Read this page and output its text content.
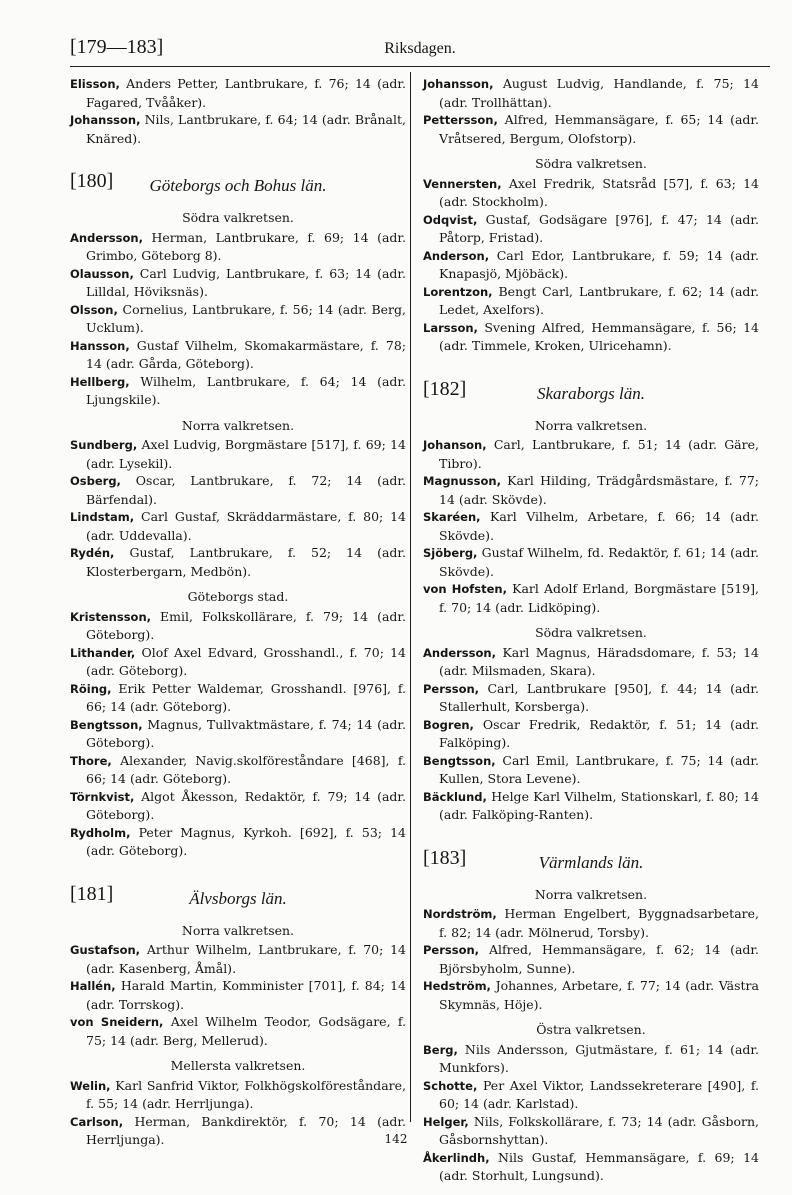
[179—183]	Riksdagen.
Elisson, Anders Petter, Lantbrukare, f. 76; 14 (adr. Fagared, Tvååker).
Johansson, Nils, Lantbrukare, f. 64; 14 (adr. Brånalt, Knäred).
[180]	Göteborgs och Bohus län.
Södra valkretsen.
Andersson, Herman, Lantbrukare, f. 69; 14 (adr. Grimbo, Göteborg 8).
Olausson, Carl Ludvig, Lantbrukare, f. 63; 14 (adr. Lilldal, Höviksnäs).
Olsson, Cornelius, Lantbrukare, f. 56; 14 (adr. Berg, Ucklum).
Hansson, Gustaf Vilhelm, Skomakarmästare, f. 78; 14 (adr. Gårda, Göteborg).
Hellberg, Wilhelm, Lantbrukare, f. 64; 14 (adr. Ljungskile).
Norra valkretsen.
Sundberg, Axel Ludvig, Borgmästare [517], f. 69; 14 (adr. Lysekil).
Osberg, Oscar, Lantbrukare, f. 72; 14 (adr. Bärfendal).
Lindstam, Carl Gustaf, Skräddarmästare, f. 80; 14 (adr. Uddevalla).
Rydén, Gustaf, Lantbrukare, f. 52; 14 (adr. Klosterbergarn, Medbön).
Göteborgs stad.
Kristensson, Emil, Folkskollärare, f. 79; 14 (adr. Göteborg).
Lithander, Olof Axel Edvard, Grosshandl., f. 70; 14 (adr. Göteborg).
Röing, Erik Petter Waldemar, Grosshandl. [976], f. 66; 14 (adr. Göteborg).
Bengtsson, Magnus, Tullvaktmästare, f. 74; 14 (adr. Göteborg).
Thore, Alexander, Navig.skolföreståndare [468], f. 66; 14 (adr. Göteborg).
Törnkvist, Algot Åkesson, Redaktör, f. 79; 14 (adr. Göteborg).
Rydholm, Peter Magnus, Kyrkoh. [692], f. 53; 14 (adr. Göteborg).
[181]	Älvsborgs län.
Norra valkretsen.
Gustafson, Arthur Wilhelm, Lantbrukare, f. 70; 14 (adr. Kasenberg, Åmål).
Hallén, Harald Martin, Komminister [701], f. 84; 14 (adr. Torrskog).
von Sneidern, Axel Wilhelm Teodor, Godsägare, f. 75; 14 (adr. Berg, Mellerud).
Mellersta valkretsen.
Welin, Karl Sanfrid Viktor, Folkhögskolföreståndare, f. 55; 14 (adr. Herrljunga).
Carlson, Herman, Bankdirektör, f. 70; 14 (adr. Herrljunga).
Johansson, August Ludvig, Handlande, f. 75; 14 (adr. Trollhättan).
Pettersson, Alfred, Hemmansägare, f. 65; 14 (adr. Vråtsered, Bergum, Olofstorp).
Södra valkretsen.
Vennersten, Axel Fredrik, Statsråd [57], f. 63; 14 (adr. Stockholm).
Odqvist, Gustaf, Godsägare [976], f. 47; 14 (adr. Påtorp, Fristad).
Anderson, Carl Edor, Lantbrukare, f. 59; 14 (adr. Knapasjö, Mjöbäck).
Lorentzon, Bengt Carl, Lantbrukare, f. 62; 14 (adr. Ledet, Axelfors).
Larsson, Svening Alfred, Hemmansägare, f. 56; 14 (adr. Timmele, Kroken, Ulricehamn).
[182]	Skaraborgs län.
Norra valkretsen.
Johanson, Carl, Lantbrukare, f. 51; 14 (adr. Gäre, Tibro).
Magnusson, Karl Hilding, Trädgårdsmästare, f. 77; 14 (adr. Skövde).
Skaréen, Karl Vilhelm, Arbetare, f. 66; 14 (adr. Skövde).
Sjöberg, Gustaf Wilhelm, fd. Redaktör, f. 61; 14 (adr. Skövde).
von Hofsten, Karl Adolf Erland, Borgmästare [519], f. 70; 14 (adr. Lidköping).
Södra valkretsen.
Andersson, Karl Magnus, Häradsdomare, f. 53; 14 (adr. Milsmaden, Skara).
Persson, Carl, Lantbrukare [950], f. 44; 14 (adr. Stallerhult, Korsberga).
Bogren, Oscar Fredrik, Redaktör, f. 51; 14 (adr. Falköping).
Bengtsson, Carl Emil, Lantbrukare, f. 75; 14 (adr. Kullen, Stora Levene).
Bäcklund, Helge Karl Vilhelm, Stationskarl, f. 80; 14 (adr. Falköping-Ranten).
[183]	Värmlands län.
Norra valkretsen.
Nordström, Herman Engelbert, Byggnadsarbetare, f. 82; 14 (adr. Mölnerud, Torsby).
Persson, Alfred, Hemmansägare, f. 62; 14 (adr. Björsbyholm, Sunne).
Hedström, Johannes, Arbetare, f. 77; 14 (adr. Västra Skymnäs, Höje).
Östra valkretsen.
Berg, Nils Andersson, Gjutmästare, f. 61; 14 (adr. Munkfors).
Schotte, Per Axel Viktor, Landssekreterare [490], f. 60; 14 (adr. Karlstad).
Helger, Nils, Folkskollärare, f. 73; 14 (adr. Gåsborn, Gåsbornshyttan).
Åkerlindh, Nils Gustaf, Hemmansägare, f. 69; 14 (adr. Storhult, Lungsund).
142
